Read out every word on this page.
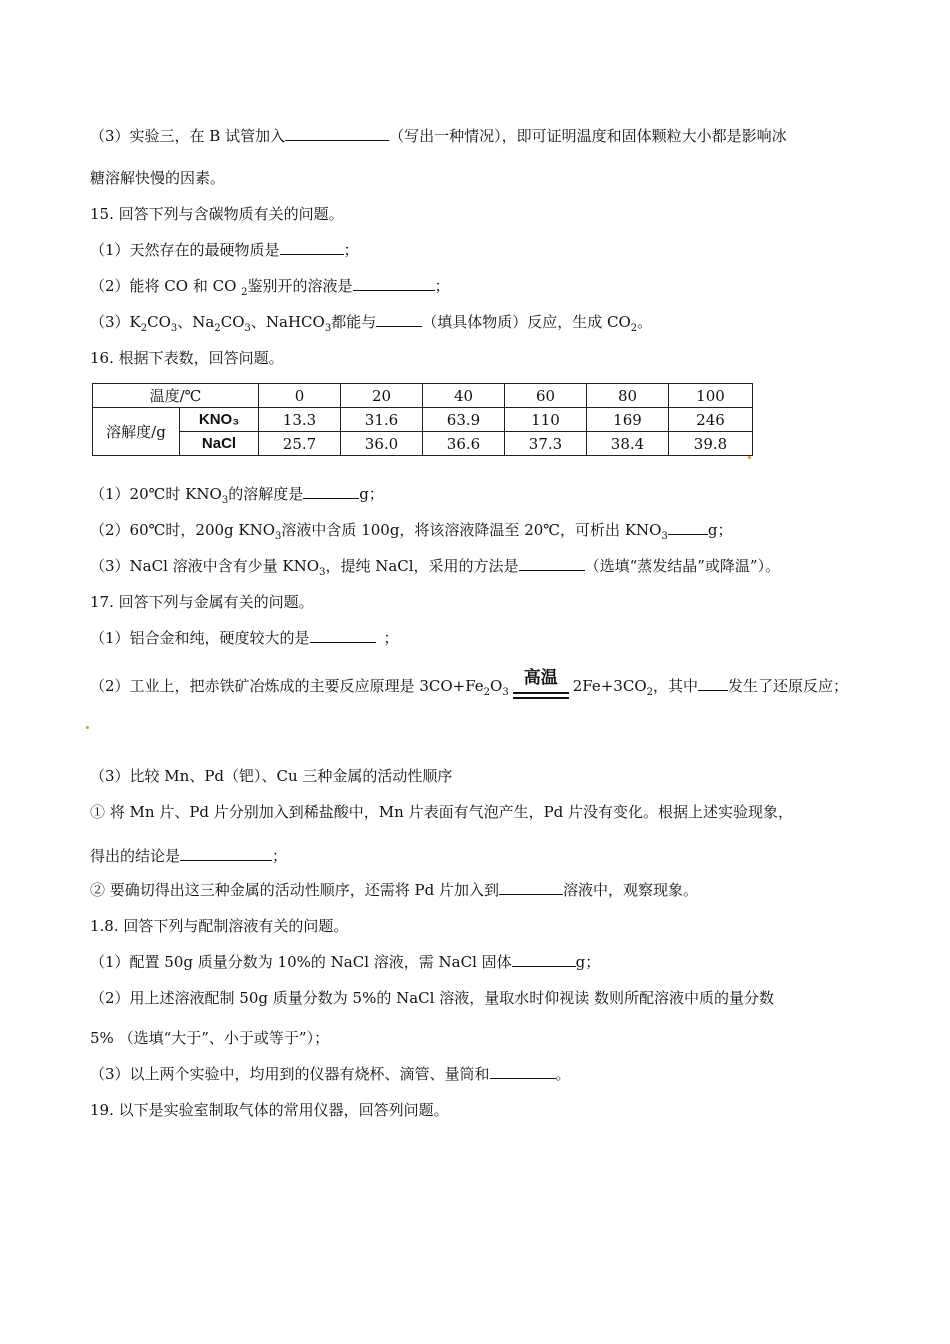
（3）实验三，在 B 试管加入	（写出一种情况），即可证明温度和固体颗粒大小都是影响冰
糖溶解快慢的因素。
15. 回答下列与含碳物质有关的问题。
（1）天然存在的最硬物质是	；
（2）能将 CO 和 CO $_2$鉴别开的溶液是	；
$(3)K_2CO_3$、$Na_2CO_3$、NaHCO$_3$都能与	（填具体物质）反应，生成 $CO_2$。
16. 根据下表数，回答问题。
温度/℃		0	20	40	60	80	100
溶解度/g	KNO₃	13.3	31.6	63.9	110	169	246
	NaCl	25.7	36.0	36.6	37.3	38.4	39.8
（1）20℃时 $KNO_3$的溶解度是	g；
（2）60℃时，200g $KNO_3$溶液中含质 100g，将该溶液降温至 20℃，可析出 $KNO_3$	g；
（3）NaCl 溶液中含有少量 $KNO_3$，提纯 NaCl，采用的方法是	（选填“蒸发结晶”或降温”）。
17. 回答下列与金属有关的问题。
（1）铝合金和纯，硬度较大的是	；
（2）工业上，把赤铁矿冶炼成的主要反应原理是 $3CO+Fe_2O_3$
高温	$2Fe+3CO_2$，其中 发生了还原反应；
（3）比较 Mn、Pd（钯）、Cu 三种金属的活动性顺序
① 将 Mn 片、Pd 片分别加入到稀盐酸中，Mn 片表面有气泡产生，Pd 片没有变化。根据上述实验现象，
得出的结论是	；
② 要确切得出这三种金属的活动性顺序，还需将 Pd 片加入到	溶液中，观察现象。
1.8. 回答下列与配制溶液有关的问题。
（1）配置 50g 质量分数为 10%的 NaCl 溶液，需 NaCl 固体	g；
（2）用上述溶液配制 50g 质量分数为 5%的 NaCl 溶液，量取水时仰视读 数则所配溶液中质的量分数
5% （选填“大于”、小于或等于”）；
（3）以上两个实验中，均用到的仪器有烧杯、滴管、量筒和	。
19. 以下是实验室制取气体的常用仪器，回答列问题。
